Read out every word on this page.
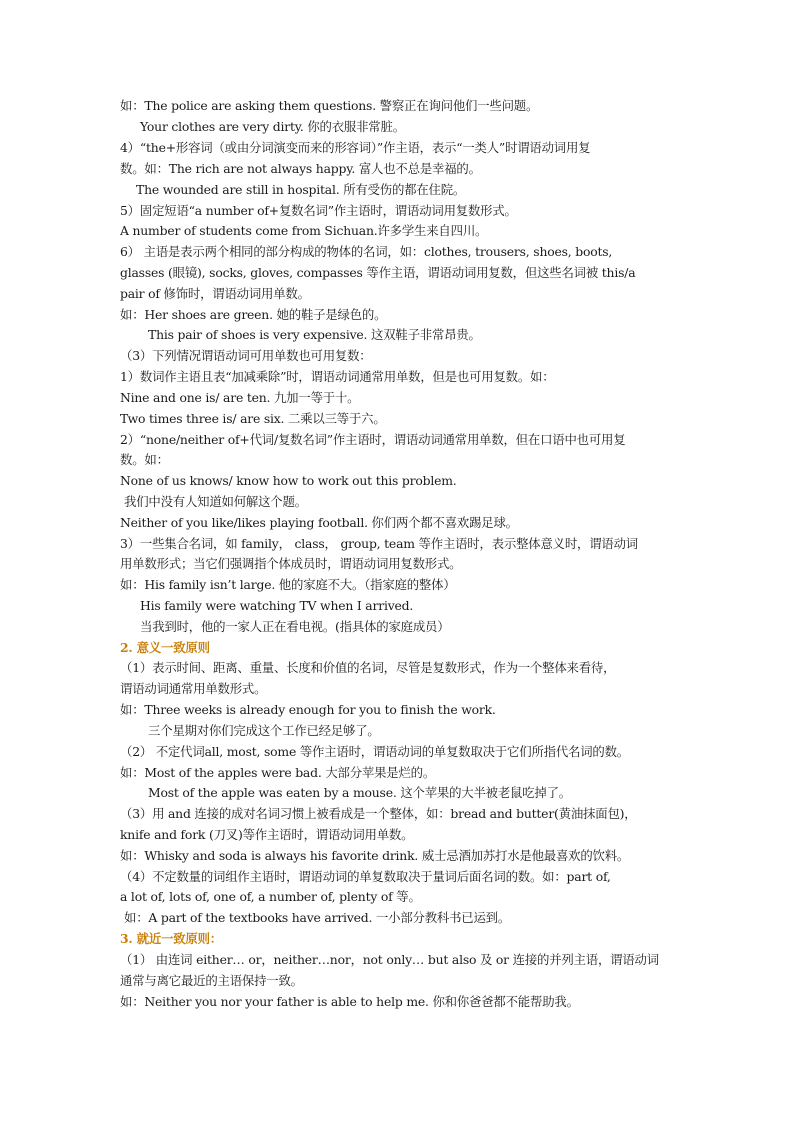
如：The police are asking them questions. 警察正在询问他们一些问题。
Your clothes are very dirty. 你的衣服非常脏。
4）“the+形容词（或由分词演变而来的形容词）”作主语，表示“一类人”时谓语动词用复
数。如：The rich are not always happy. 富人也不总是幸福的。
The wounded are still in hospital. 所有受伤的都在住院。
5）固定短语“a number of+复数名词”作主语时，谓语动词用复数形式。
A number of students come from Sichuan.许多学生来自四川。
6） 主语是表示两个相同的部分构成的物体的名词，如：clothes, trousers, shoes, boots,
glasses (眼镜), socks, gloves, compasses 等作主语，谓语动词用复数，但这些名词被 this/a
pair of 修饰时，谓语动词用单数。
如：Her shoes are green. 她的鞋子是绿色的。
This pair of shoes is very expensive. 这双鞋子非常昂贵。
（3）下列情况谓语动词可用单数也可用复数：
1）数词作主语且表“加减乘除”时，谓语动词通常用单数，但是也可用复数。如：
Nine and one is/ are ten. 九加一等于十。
Two times three is/ are six. 二乘以三等于六。
2）“none/neither of+代词/复数名词”作主语时，谓语动词通常用单数，但在口语中也可用复
数。如：
None of us knows/ know how to work out this problem.
我们中没有人知道如何解这个题。
Neither of you like/likes playing football. 你们两个都不喜欢踢足球。
3）一些集合名词，如 family， class， group, team 等作主语时，表示整体意义时，谓语动词
用单数形式；当它们强调指个体成员时，谓语动词用复数形式。
如：His family isn’t large. 他的家庭不大。（指家庭的整体）
His family were watching TV when I arrived.
当我到时，他的一家人正在看电视。(指具体的家庭成员）
2. 意义一致原则
（1）表示时间、距离、重量、长度和价值的名词，尽管是复数形式，作为一个整体来看待，
谓语动词通常用单数形式。
如：Three weeks is already enough for you to finish the work.
三个星期对你们完成这个工作已经足够了。
（2） 不定代词all, most, some 等作主语时，谓语动词的单复数取决于它们所指代名词的数。
如：Most of the apples were bad. 大部分苹果是烂的。
Most of the apple was eaten by a mouse. 这个苹果的大半被老鼠吃掉了。
（3）用 and 连接的成对名词习惯上被看成是一个整体，如：bread and butter(黄油抹面包)，
knife and fork (刀叉)等作主语时，谓语动词用单数。
如：Whisky and soda is always his favorite drink. 威士忌酒加苏打水是他最喜欢的饮料。
（4）不定数量的词组作主语时，谓语动词的单复数取决于量词后面名词的数。如：part of,
a lot of, lots of, one of, a number of, plenty of 等。
如：A part of the textbooks have arrived. 一小部分教科书已运到。
3. 就近一致原则：
（1） 由连词 either… or，neither…nor，not only… but also 及 or 连接的并列主语，谓语动词
通常与离它最近的主语保持一致。
如：Neither you nor your father is able to help me. 你和你爸爸都不能帮助我。
